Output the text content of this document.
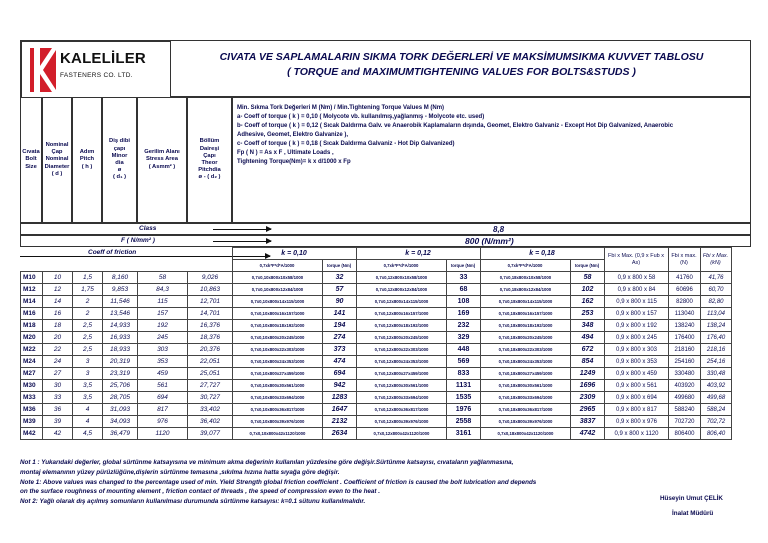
KALELİLER
FASTENERS CO. LTD.
CIVATA VE SAPLAMALARIN SIKMA TORK DEĞERLERİ VE MAKSİMUMSIKMA KUVVET TABLOSU
( TORQUE and MAXIMUMTIGHTENING VALUES FOR BOLTS&STUDS )
Cıvata
Bolt
Size
Nominal
Çap
Nominal
Diameter
( d )
Adım
Pitch
( h )
Diş dibi
çapı
Minor
dia
ø
( d₁ )
Gerilim Alanı
Stress Area
( Asmm² )
Böllüm
Daireşi
Çapı
Theor
Pitchdia
ø - ( d₂ )
Min. Sıkma Tork Değerleri M (Nm) / Min.Tightening Torque Values M (Nm)
a- Coeff of torque ( k ) = 0,10 ( Molycote vb. kullanılmış,yağlanmış - Molycote etc. used)
b- Coeff of torque ( k ) = 0,12 ( Sıcak Daldırma Galv. ve Anaerobik Kaplamaların dışında, Geomet, Elektro Galvaniz - Except Hot Dip Galvanized, Anaerobic
Adhesive, Geomet, Elektro Galvanize ),
c- Coeff of torque ( k ) = 0,18 ( Sıcak Daldırma Galvaniz - Hot Dip Galvanized)
Fp ( N ) = As x F , Ultimate Loads ,
Tightening Torque(Nm)= k x d/1000 x Fp
Class	8,8
F ( N/mm² )	800 (N/mm²)
Coeff of friction
		k = 0,10		k = 0,12		k = 0,18		Fbi x Max. (0,9 x Fub x As)	Fbi x max. (N)	Fbi x Max. (kN)
	0,7xk*F*d*A/1000	torque (Nm)	0,7xk*F*d*A/1000	torque (Nm)	0,7xk*F*d*A/1000	torque (Nm)			
M10	10	1,5	8,160	58	9,026	0,7x0,10x800x10x58/1000	32	0,7x0,12x800x10x58/1000	33	0,7x0,18x800x10x58/1000	58	0,9 x 800 x 58	41760	41,76
M12	12	1,75	9,853	84,3	10,863	0,7x0,10x800x12x84/1000	57	0,7x0,12x800x12x84/1000	68	0,7x0,18x800x12x84/1000	102	0,9 x 800 x 84	60696	60,70
M14	14	2	11,546	115	12,701	0,7x0,10x800x14x115/1000	90	0,7x0,12x800x14x115/1000	108	0,7x0,18x800x14x115/1000	162	0,9 x 800 x 115	82800	82,80
M16	16	2	13,546	157	14,701	0,7x0,10x800x16x157/1000	141	0,7x0,12x800x16x157/1000	169	0,7x0,18x800x16x157/1000	253	0,9 x 800 x 157	113040	113,04
M18	18	2,5	14,933	192	16,376	0,7x0,10x800x18x192/1000	194	0,7x0,12x800x18x192/1000	232	0,7x0,18x800x18x192/1000	348	0,9 x 800 x 192	138240	138,24
M20	20	2,5	16,933	245	18,376	0,7x0,10x800x20x245/1000	274	0,7x0,12x800x20x245/1000	329	0,7x0,18x800x20x245/1000	494	0,9 x 800 x 245	176400	176,40
M22	22	2,5	18,933	303	20,376	0,7x0,10x800x22x303/1000	373	0,7x0,12x800x22x303/1000	448	0,7x0,18x800x22x303/1000	672	0,9 x 800 x 303	218160	218,16
M24	24	3	20,319	353	22,051	0,7x0,10x800x24x353/1000	474	0,7x0,12x800x24x353/1000	569	0,7x0,18x800x24x353/1000	854	0,9 x 800 x 353	254160	254,16
M27	27	3	23,319	459	25,051	0,7x0,10x800x27x459/1000	694	0,7x0,12x800x27x459/1000	833	0,7x0,18x800x27x459/1000	1249	0,9 x 800 x 459	330480	330,48
M30	30	3,5	25,706	561	27,727	0,7x0,10x800x30x561/1000	942	0,7x0,12x800x30x561/1000	1131	0,7x0,18x800x30x561/1000	1696	0,9 x 800 x 561	403920	403,92
M33	33	3,5	28,705	694	30,727	0,7x0,10x800x33x694/1000	1283	0,7x0,12x800x33x694/1000	1535	0,7x0,18x800x33x694/1000	2309	0,9 x 800 x 694	499680	499,68
M36	36	4	31,093	817	33,402	0,7x0,10x800x36x817/1000	1647	0,7x0,12x800x36x817/1000	1976	0,7x0,18x800x36x817/1000	2965	0,9 x 800 x 817	588240	588,24
M39	39	4	34,093	976	36,402	0,7x0,10x800x39x976/1000	2132	0,7x0,12x800x39x976/1000	2558	0,7x0,18x800x39x976/1000	3837	0,9 x 800 x 976	702720	702,72
M42	42	4,5	36,479	1120	39,077	0,7x0,10x800x42x1120/1000	2634	0,7x0,12x800x42x1120/1000	3161	0,7x0,18x800x42x1120/1000	4742	0,9 x 800 x 1120	806400	806,40
Not 1 : Yukarıdaki değerler, global sürtünme katsayısına ve minimum akma değerinin kullanılan yüzdesine göre değişir.Sürtünme katsayısı, cıvataların yağlanmasına,
montaj elemanının yüzey pürüzlüğüne,dişlerin sürtünme temasına ,sıkılma hızına hatta sıyağa göre değişir.
Note 1: Above values was changed to the percentage used of min. Yield Strength global friction coefficient . Coefficient of friction is caused the bolt lubrication and depends
on the surface roughness of mounting element , friction contact of threads , the speed of compression even to the heat .
Not 2: Yağlı olarak dış açılmış somunların kullanılması durumunda sürtünme katsayısı: k=0.1 sütunu kullanılmalıdır.	Hüseyin Umut ÇELİK
İnalat Müdürü
